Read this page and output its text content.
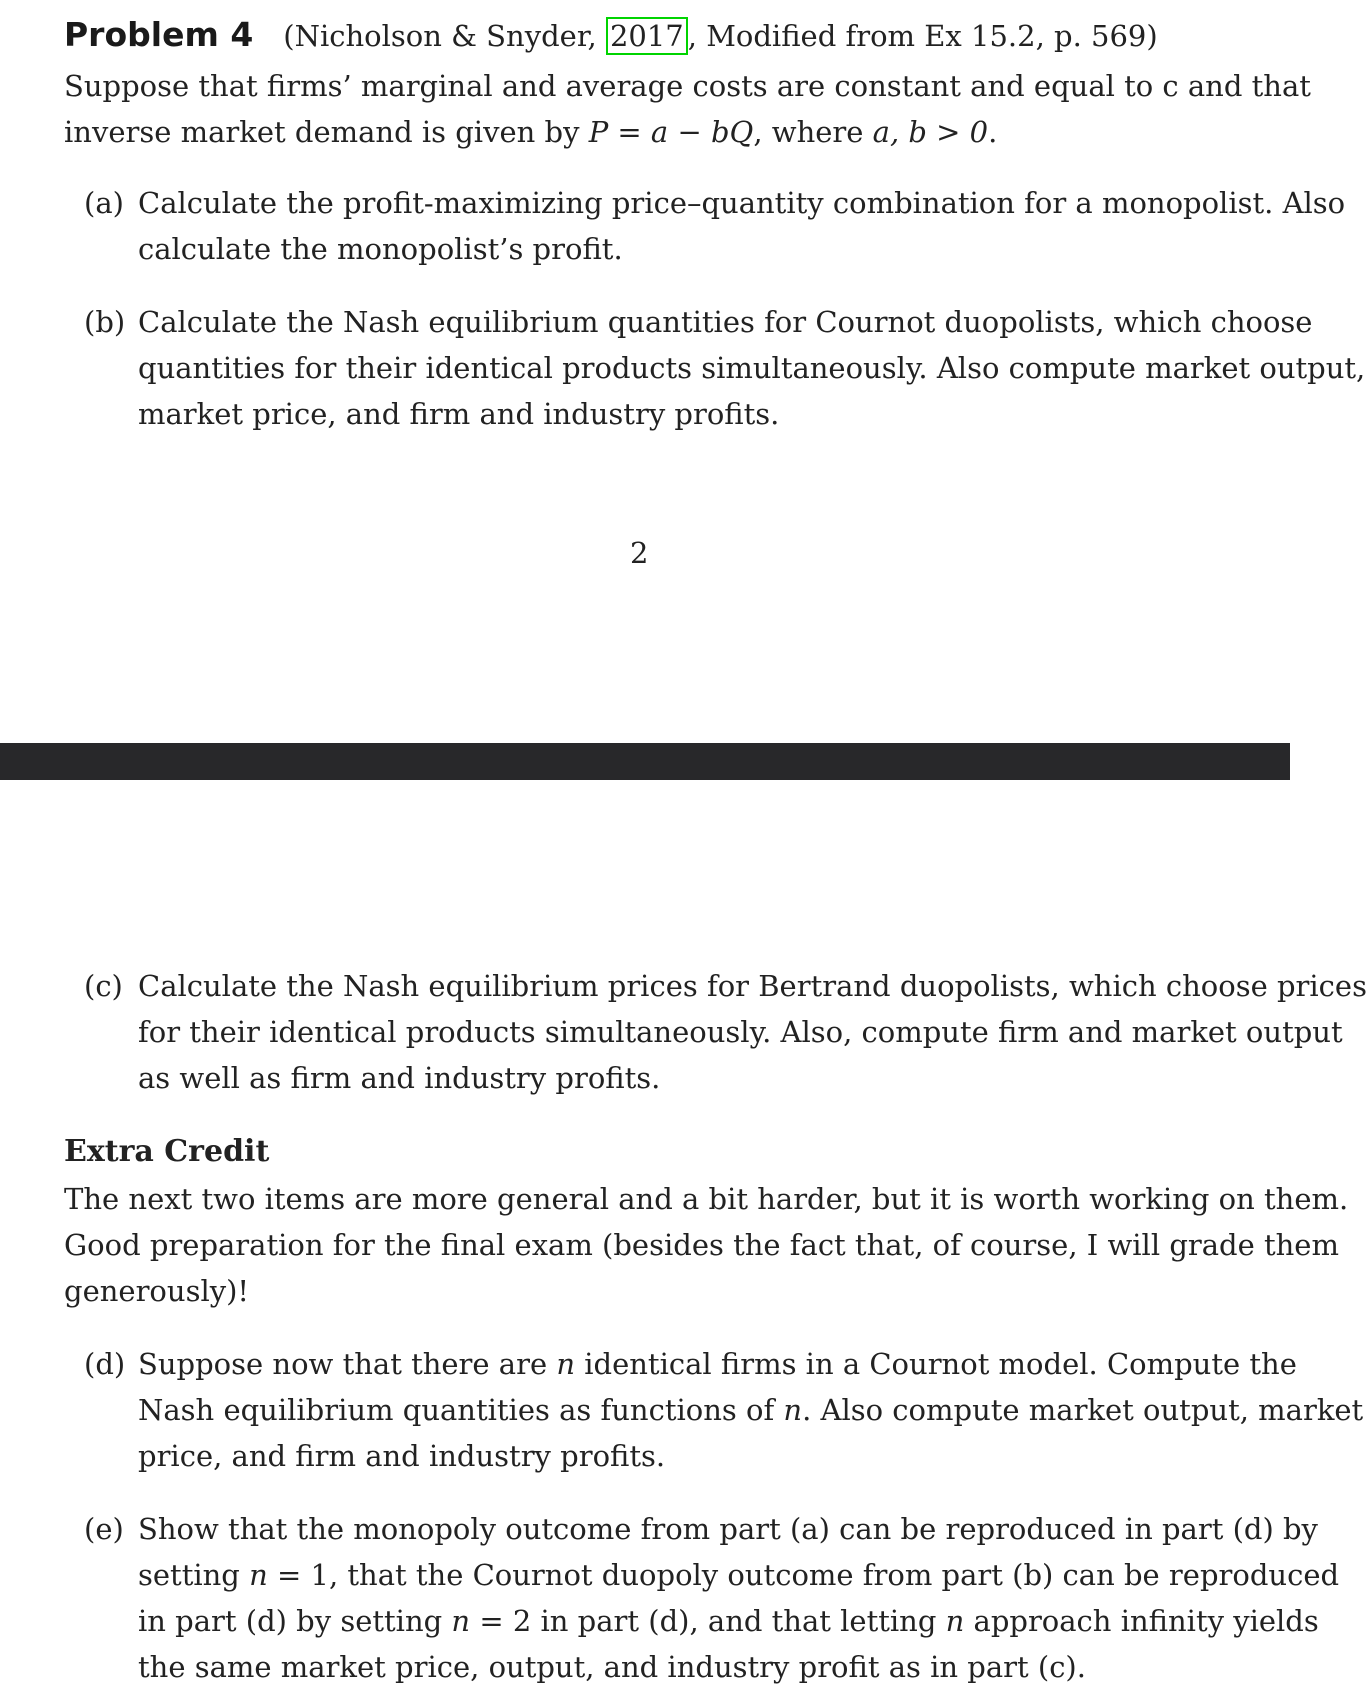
Problem 4 (Nicholson & Snyder, 2017 , Modified from Ex 15.2, p. 569)
Suppose that firms’ marginal and average costs are constant and equal to c and that
inverse market demand is given by P = a − bQ, where a, b > 0.
(a) Calculate the profit-maximizing price–quantity combination for a monopolist. Also
calculate the monopolist’s profit.
(b) Calculate the Nash equilibrium quantities for Cournot duopolists, which choose
quantities for their identical products simultaneously. Also compute market output,
market price, and firm and industry profits.
2
(c) Calculate the Nash equilibrium prices for Bertrand duopolists, which choose prices
for their identical products simultaneously. Also, compute firm and market output
as well as firm and industry profits.
Extra Credit
The next two items are more general and a bit harder, but it is worth working on them.
Good preparation for the final exam (besides the fact that, of course, I will grade them
generously)!
(d) Suppose now that there are n identical firms in a Cournot model. Compute the
Nash equilibrium quantities as functions of n. Also compute market output, market
price, and firm and industry profits.
(e) Show that the monopoly outcome from part (a) can be reproduced in part (d) by
setting n = 1, that the Cournot duopoly outcome from part (b) can be reproduced
in part (d) by setting n = 2 in part (d), and that letting n approach infinity yields
the same market price, output, and industry profit as in part (c).
